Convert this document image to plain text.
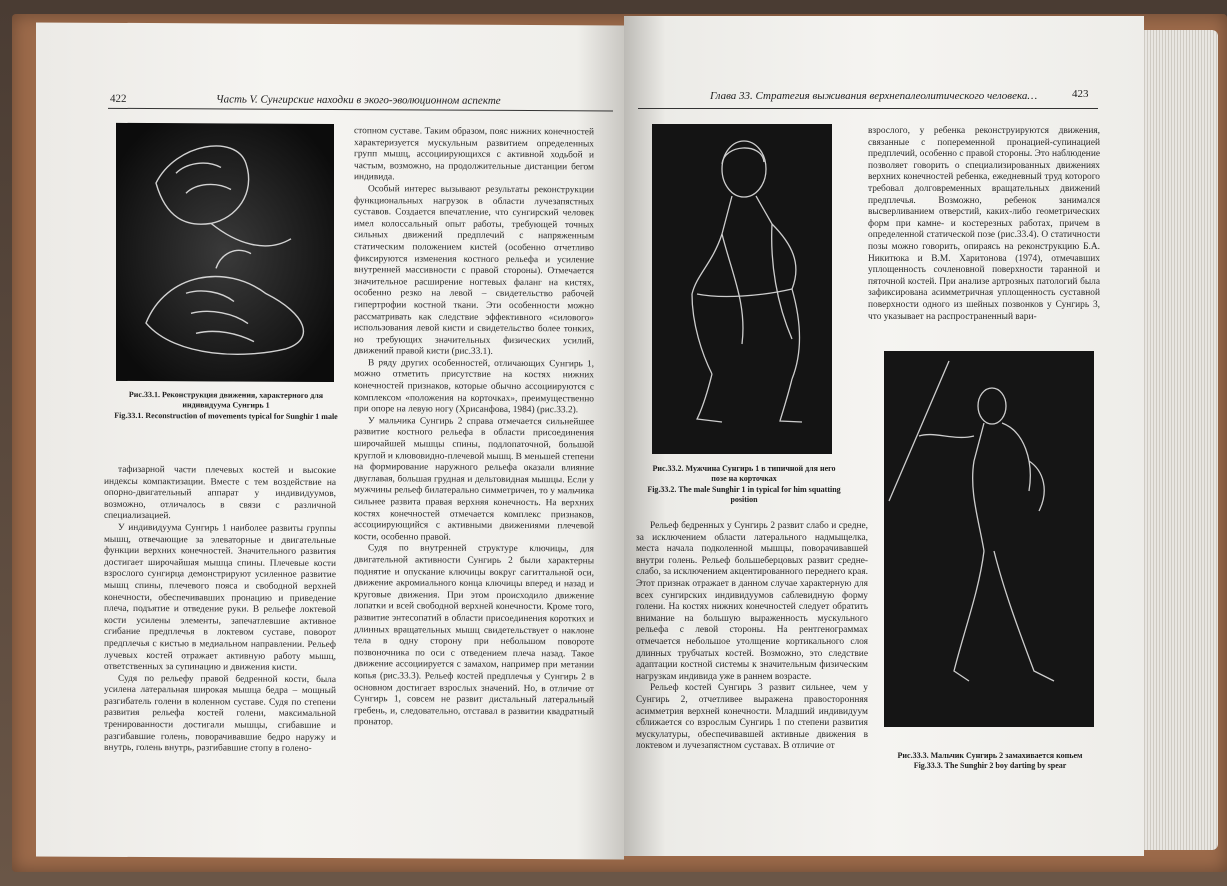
422	Часть V. Сунгирские находки в экого-эволюционном аспекте
Рис.33.1. Реконструкция движения, характерного для индивидуума Сунгирь 1
Fig.33.1. Reconstruction of movements typical for Sunghir 1 male

тафизарной части плечевых костей и высокие индексы компактизации. Вместе с тем воздействие на опорно-двигательный аппарат у индивидуумов, возможно, отличалось в связи с различной специализацией.

У индивидуума Сунгирь 1 наиболее развиты группы мышц, отвечающие за элеваторные и двигательные функции верхних конечностей. Значительного развития достигает широчайшая мышца спины. Плечевые кости взрослого сунгирца демонстрируют усиленное развитие мышц спины, плечевого пояса и свободной верхней конечности, обеспечивавших пронацию и приведение плеча, подъятие и отведение руки. В рельефе локтевой кости усилены элементы, запечатлевшие активное сгибание предплечья в локтевом суставе, поворот предплечья с кистью в медиальном направлении. Рельеф лучевых костей отражает активную работу мышц, ответственных за супинацию и движения кисти.

Судя по рельефу правой бедренной кости, была усилена латеральная широкая мышца бедра – мощный разгибатель голени в коленном суставе. Судя по степени развития рельефа костей голени, максимальной тренированности достигали мышцы, сгибавшие и разгибавшие голень, поворачивавшие бедро наружу и внутрь, голень внутрь, разгибавшие стопу в голено-

стопном суставе. Таким образом, пояс нижних конечностей характеризуется мускульным развитием определенных групп мышц, ассоциирующихся с активной ходьбой и частым, возможно, на продолжительные дистанции бегом индивида.

Особый интерес вызывают результаты реконструкции функциональных нагрузок в области лучезапястных суставов. Создается впечатление, что сунгирский человек имел колоссальный опыт работы, требующей точных сильных движений предплечий с напряженным статическим положением кистей (особенно отчетливо фиксируются изменения костного рельефа и усиление внутренней массивности с правой стороны). Отмечается значительное расширение ногтевых фаланг на кистях, особенно резко на левой – свидетельство рабочей гипертрофии костной ткани. Эти особенности можно рассматривать как следствие эффективного «силового» использования левой кисти и свидетельство более тонких, но требующих значительных физических усилий, движений правой кисти (рис.33.1).

В ряду других особенностей, отличающих Сунгирь 1, можно отметить присутствие на костях нижних конечностей признаков, которые обычно ассоциируются с комплексом «положения на корточках», преимущественно при опоре на левую ногу (Хрисанфова, 1984) (рис.33.2).

У мальчика Сунгирь 2 справа отмечается сильнейшее развитие костного рельефа в области присоединения широчайшей мышцы спины, подлопаточной, большой круглой и клювовидно-плечевой мышц. В меньшей степени на формирование наружного рельефа оказали влияние двуглавая, большая грудная и дельтовидная мышцы. Если у мужчины рельеф билатерально симметричен, то у мальчика сильнее развита правая верхняя конечность. На верхних костях конечностей отмечается комплекс признаков, ассоциирующийся с активными движениями плечевой кости, особенно правой.

Судя по внутренней структуре ключицы, для двигательной активности Сунгирь 2 были характерны поднятие и опускание ключицы вокруг сагиттальной оси, движение акромиального конца ключицы вперед и назад и круговые движения. При этом происходило движение лопатки и всей свободной верхней конечности. Кроме того, развитие энтесопатий в области присоединения коротких и длинных вращательных мышц свидетельствует о наклоне тела в одну сторону при небольшом повороте позвоночника по оси с отведением плеча назад. Такое движение ассоциируется с замахом, например при метании копья (рис.33.3). Рельеф костей предплечья у Сунгирь 2 в основном достигает взрослых значений. Но, в отличие от Сунгирь 1, совсем не развит дистальный латеральный гребень, и, следовательно, отставал в развитии квадратный пронатор.

Глава 33. Стратегия выживания верхнепалеолитического человека…	423
Рис.33.2. Мужчина Сунгирь 1 в типичной для него позе на корточках
Fig.33.2. The male Sunghir 1 in typical for him squatting position

взрослого, у ребенка реконструируются движения, связанные с попеременной пронацией-супинацией предплечий, особенно с правой стороны. Это наблюдение позволяет говорить о специализированных движениях верхних конечностей ребенка, ежедневный труд которого требовал долговременных вращательных движений предплечья. Возможно, ребенок занимался высверливанием отверстий, каких-либо геометрических форм при камне- и костерезных работах, причем в определенной статической позе (рис.33.4). О статичности позы можно говорить, опираясь на реконструкцию Б.А. Никитюка и В.М. Харитонова (1974), отмечавших уплощенность сочленовной поверхности таранной и пяточной костей. При анализе артрозных патологий была зафиксирована асимметричная уплощенность суставной поверхности одного из шейных позвонков у Сунгирь 3, что указывает на распространенный вари-

Рис.33.3. Мальчик Сунгирь 2 замахивается копьем
Fig.33.3. The Sunghir 2 boy darting by spear

Рельеф бедренных у Сунгирь 2 развит слабо и средне, за исключением области латерального надмыщелка, места начала подколенной мышцы, поворачивавшей внутри голень. Рельеф большеберцовых развит средне-слабо, за исключением акцентированного переднего края. Этот признак отражает в данном случае характерную для всех сунгирских индивидуумов саблевидную форму голени. На костях нижних конечностей следует обратить внимание на большую выраженность мускульного рельефа с левой стороны. На рентгенограммах отмечается небольшое утолщение кортикального слоя длинных трубчатых костей. Возможно, это следствие адаптации костной системы к значительным физическим нагрузкам индивида уже в раннем возрасте.

Рельеф костей Сунгирь 3 развит сильнее, чем у Сунгирь 2, отчетливее выражена правосторонняя асимметрия верхней конечности. Младший индивидуум сближается со взрослым Сунгирь 1 по степени развития мускулатуры, обеспечивавшей активные движения в локтевом и лучезапястном суставах. В отличие от
